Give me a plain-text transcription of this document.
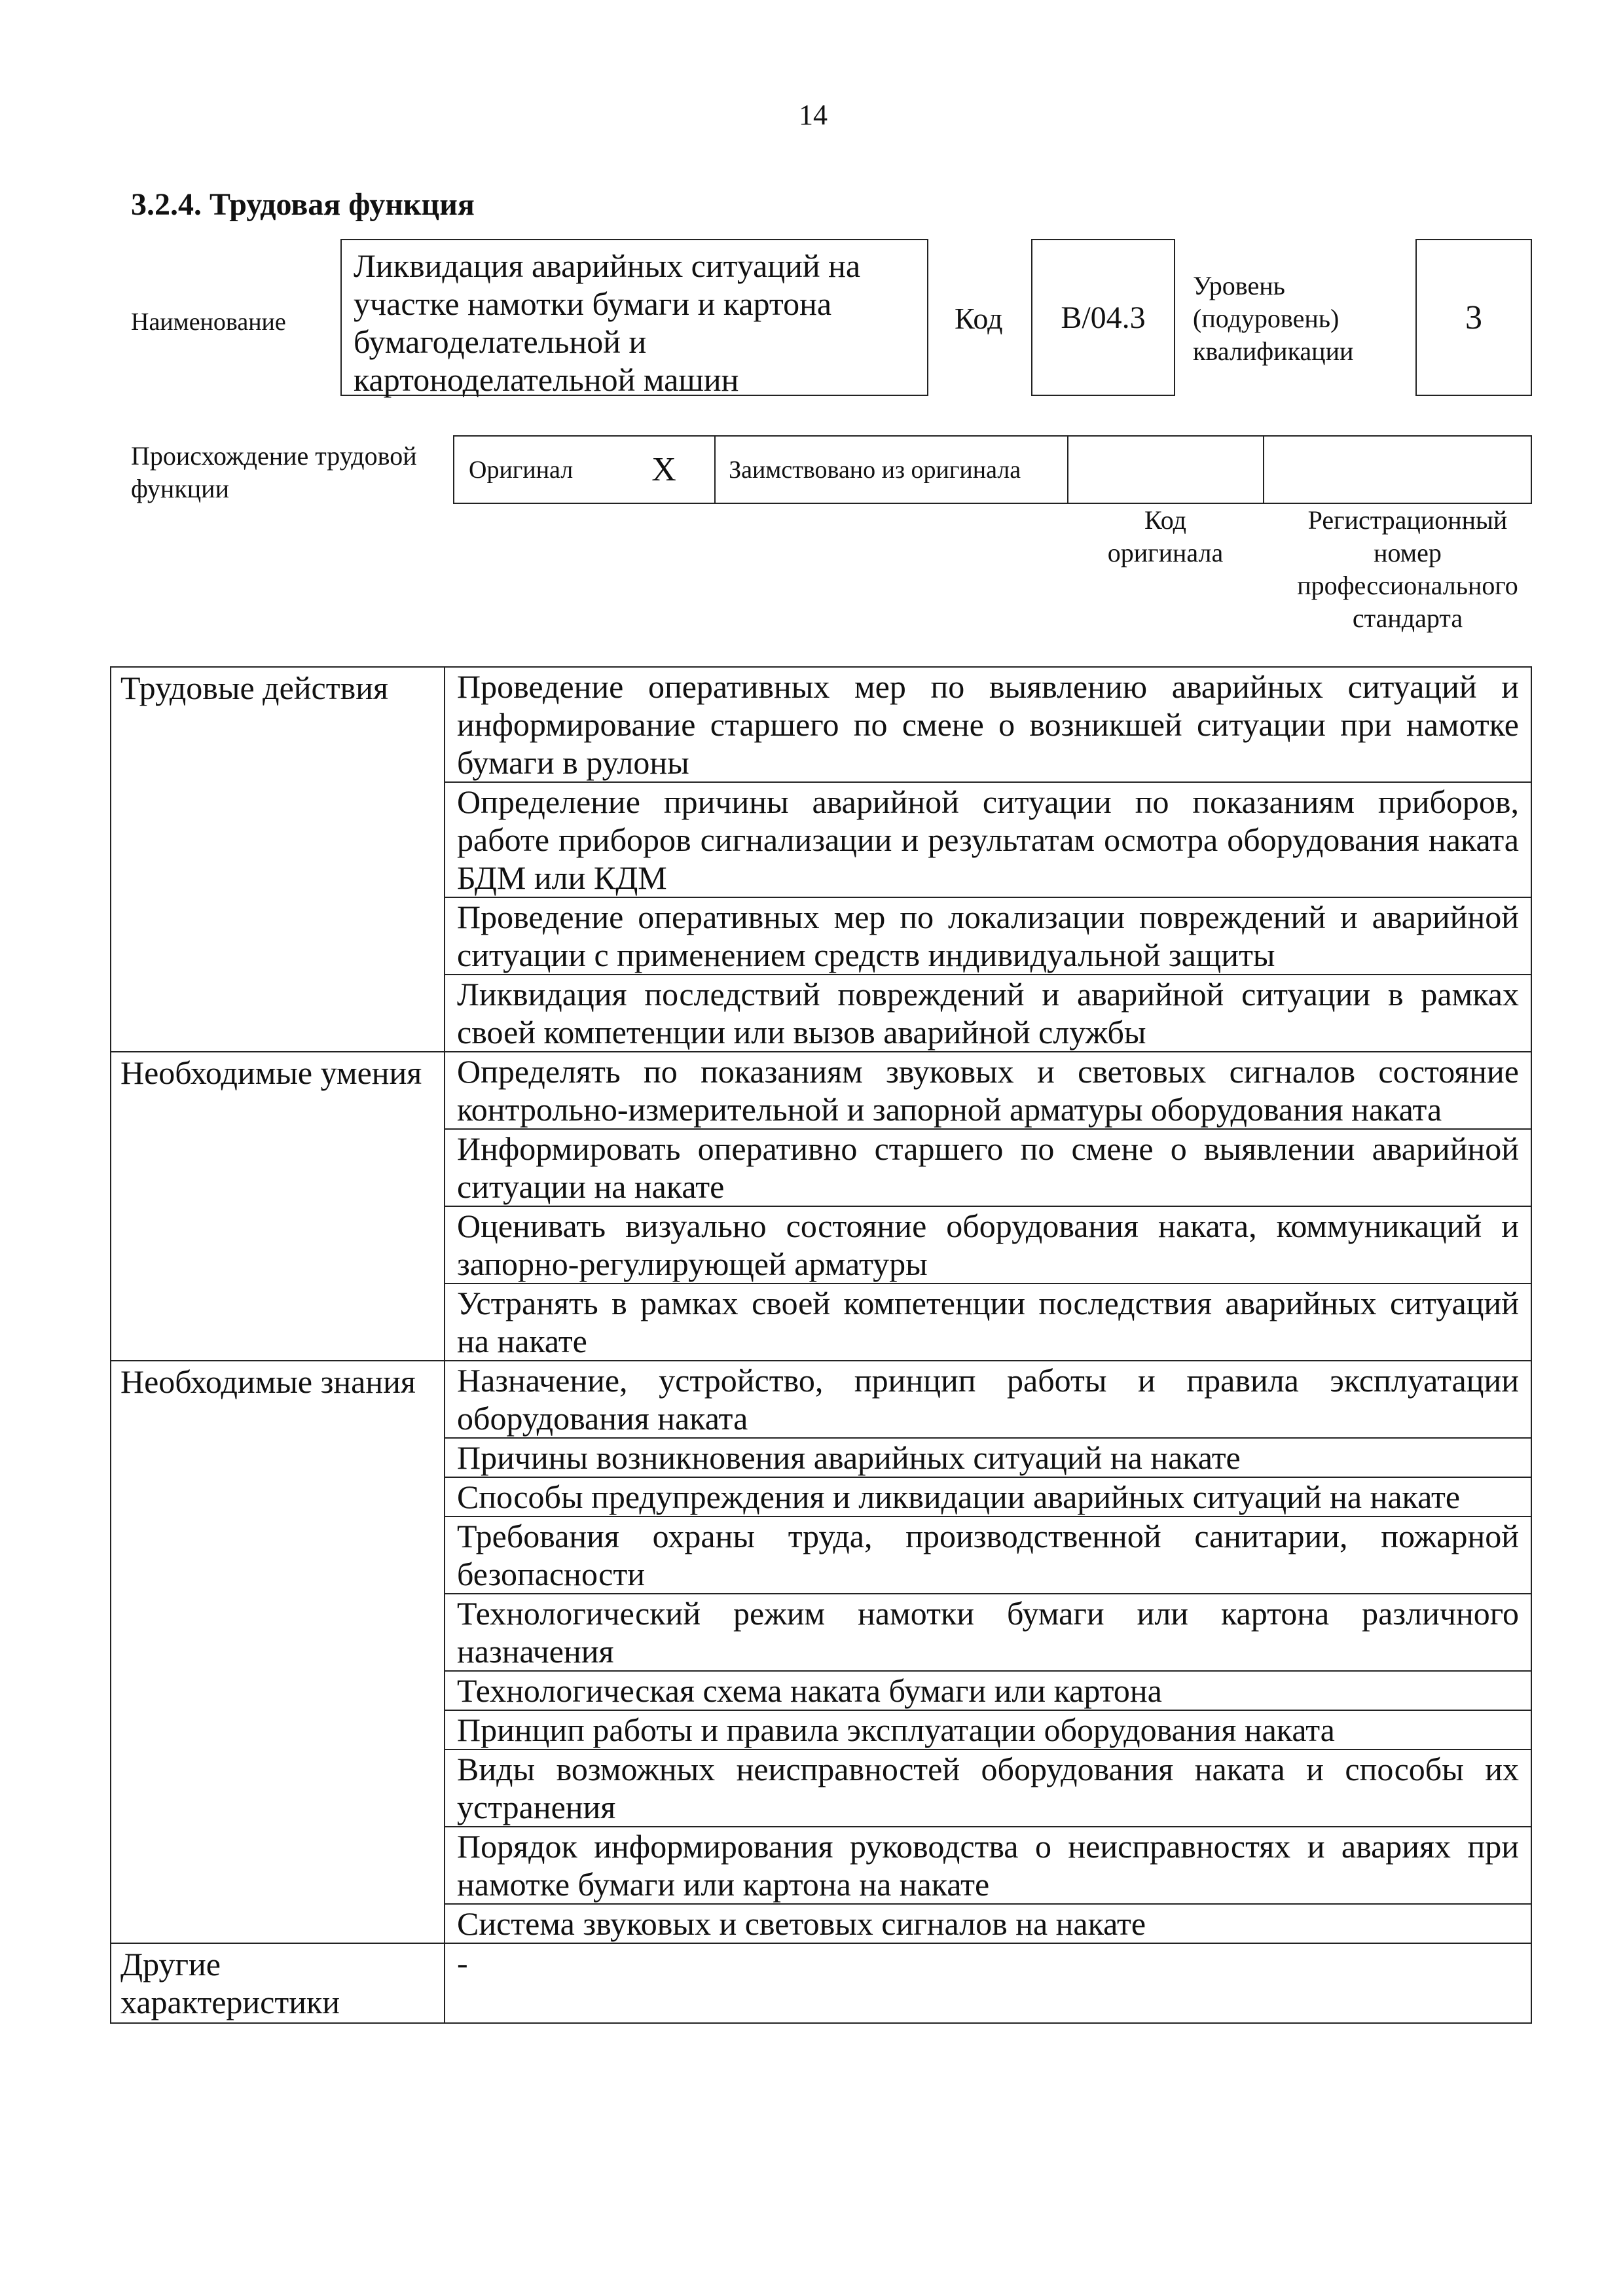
14
3.2.4. Трудовая функция
Наименование
Ликвидация аварийных ситуаций на
участке намотки бумаги и картона
бумагоделательной и
картоноделательной машин
Код	B/04.3
Уровень
(подуровень)
квалификации
3
Происхождение трудовой
функции
Оригинал X	Заимствовано из оригинала
Код
оригинала
Регистрационный
номер
профессионального
стандарта
Трудовые действия	Проведение оперативных мер по выявлению аварийных ситуаций и информирование старшего по смене о возникшей ситуации при намотке бумаги в рулоны
	Определение причины аварийной ситуации по показаниям приборов, работе приборов сигнализации и результатам осмотра оборудования наката БДМ или КДМ
	Проведение оперативных мер по локализации повреждений и аварийной ситуации с применением средств индивидуальной защиты
	Ликвидация последствий повреждений и аварийной ситуации в рамках своей компетенции или вызов аварийной службы
Необходимые умения	Определять по показаниям звуковых и световых сигналов состояние контрольно-измерительной и запорной арматуры оборудования наката
	Информировать оперативно старшего по смене о выявлении аварийной ситуации на накате
	Оценивать визуально состояние оборудования наката, коммуникаций и запорно-регулирующей арматуры
	Устранять в рамках своей компетенции последствия аварийных ситуаций на накате
Необходимые знания	Назначение, устройство, принцип работы и правила эксплуатации оборудования наката
	Причины возникновения аварийных ситуаций на накате
	Способы предупреждения и ликвидации аварийных ситуаций на накате
	Требования охраны труда, производственной санитарии, пожарной безопасности
	Технологический режим намотки бумаги или картона различного назначения
	Технологическая схема наката бумаги или картона
	Принцип работы и правила эксплуатации оборудования наката
	Виды возможных неисправностей оборудования наката и способы их устранения
	Порядок информирования руководства о неисправностях и авариях при намотке бумаги или картона на накате
	Система звуковых и световых сигналов на накате

Другие
характеристики	-
